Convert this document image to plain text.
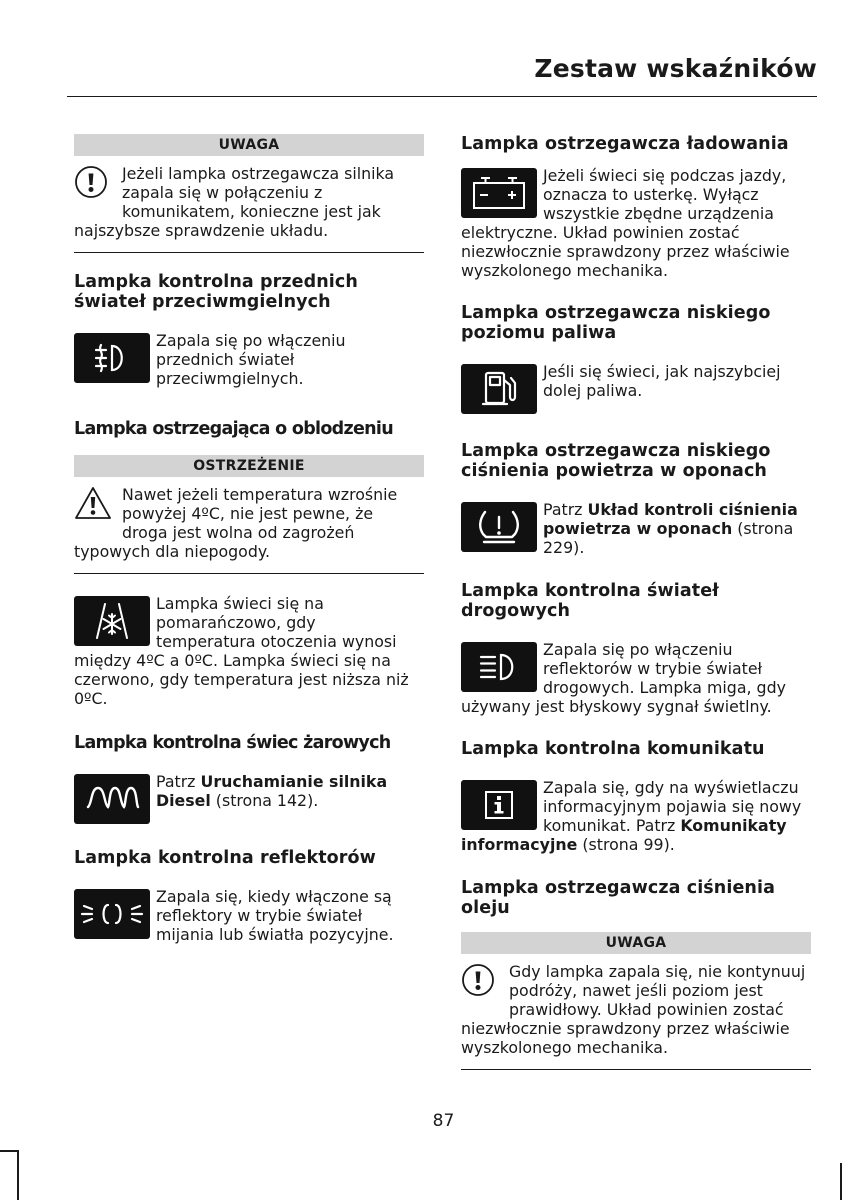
Zestaw wskaźników
UWAGA

Jeżeli lampka ostrzegawcza silnika
zapala się w połączeniu z
komunikatem, konieczne jest jak
najszybsze sprawdzenie układu.

Lampka kontrolna przednich
świateł przeciwmgielnych

Zapala się po włączeniu
przednich świateł
przeciwmgielnych.

Lampka ostrzegająca o oblodzeniu
OSTRZEŻENIE

Nawet jeżeli temperatura wzrośnie
powyżej 4ºC, nie jest pewne, że
droga jest wolna od zagrożeń
typowych dla niepogody.

Lampka świeci się na
pomarańczowo, gdy
temperatura otoczenia wynosi
między 4ºC a 0ºC. Lampka świeci się na
czerwono, gdy temperatura jest niższa niż
0ºC.

Lampka kontrolna świec żarowych

Patrz Uruchamianie silnika
Diesel (strona 142).

Lampka kontrolna reflektorów

Zapala się, kiedy włączone są
reflektory w trybie świateł
mijania lub światła pozycyjne.

Lampka ostrzegawcza ładowania

Jeżeli świeci się podczas jazdy,
oznacza to usterkę. Wyłącz
wszystkie zbędne urządzenia
elektryczne. Układ powinien zostać
niezwłocznie sprawdzony przez właściwie
wyszkolonego mechanika.

Lampka ostrzegawcza niskiego
poziomu paliwa

Jeśli się świeci, jak najszybciej
dolej paliwa.

Lampka ostrzegawcza niskiego
ciśnienia powietrza w oponach

Patrz Układ kontroli ciśnienia
powietrza w oponach (strona
229).

Lampka kontrolna świateł
drogowych

Zapala się po włączeniu
reflektorów w trybie świateł
drogowych. Lampka miga, gdy
używany jest błyskowy sygnał świetlny.

Lampka kontrolna komunikatu

Zapala się, gdy na wyświetlaczu
informacyjnym pojawia się nowy
komunikat. Patrz Komunikaty
informacyjne (strona 99).

Lampka ostrzegawcza ciśnienia
oleju
UWAGA

Gdy lampka zapala się, nie kontynuuj
podróży, nawet jeśli poziom jest
prawidłowy. Układ powinien zostać
niezwłocznie sprawdzony przez właściwie
wyszkolonego mechanika.

87
